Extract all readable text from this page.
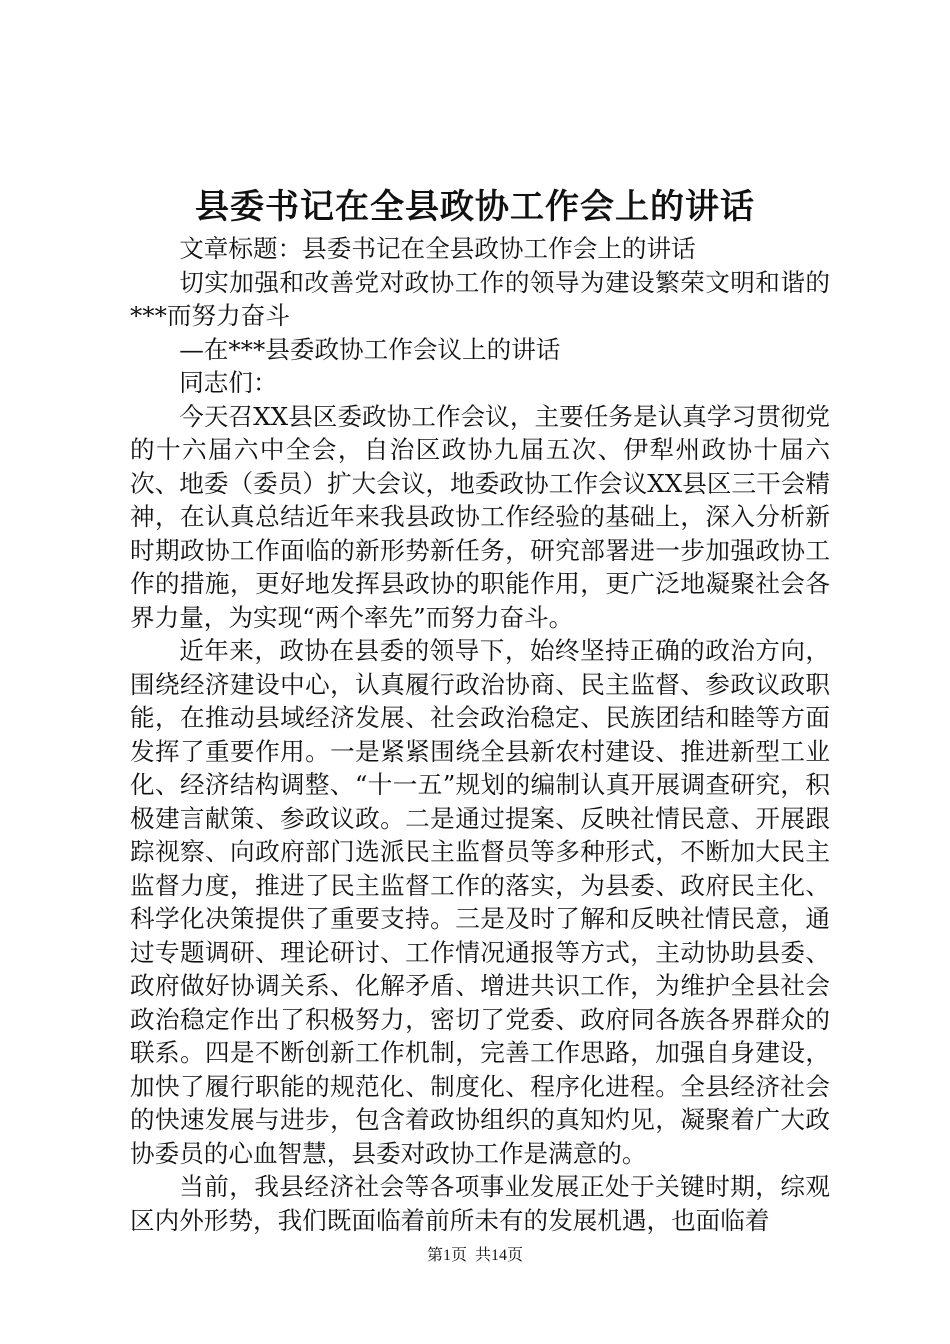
县委书记在全县政协工作会上的讲话

文章标题：县委书记在全县政协工作会上的讲话

切实加强和改善党对政协工作的领导为建设繁荣文明和谐的***而努力奋斗

—在***县委政协工作会议上的讲话

同志们：

今天召XX县区委政协工作会议，主要任务是认真学习贯彻党的十六届六中全会，自治区政协九届五次、伊犁州政协十届六次、地委（委员）扩大会议，地委政协工作会议XX县区三干会精神，在认真总结近年来我县政协工作经验的基础上，深入分析新时期政协工作面临的新形势新任务，研究部署进一步加强政协工作的措施，更好地发挥县政协的职能作用，更广泛地凝聚社会各界力量，为实现“两个率先”而努力奋斗。

近年来，政协在县委的领导下，始终坚持正确的政治方向，围绕经济建设中心，认真履行政治协商、民主监督、参政议政职能，在推动县域经济发展、社会政治稳定、民族团结和睦等方面发挥了重要作用。一是紧紧围绕全县新农村建设、推进新型工业化、经济结构调整、“十一五”规划的编制认真开展调查研究，积极建言献策、参政议政。二是通过提案、反映社情民意、开展跟踪视察、向政府部门选派民主监督员等多种形式，不断加大民主监督力度，推进了民主监督工作的落实，为县委、政府民主化、科学化决策提供了重要支持。三是及时了解和反映社情民意，通过专题调研、理论研讨、工作情况通报等方式，主动协助县委、政府做好协调关系、化解矛盾、增进共识工作，为维护全县社会政治稳定作出了积极努力，密切了党委、政府同各族各界群众的联系。四是不断创新工作机制，完善工作思路，加强自身建设，加快了履行职能的规范化、制度化、程序化进程。全县经济社会的快速发展与进步，包含着政协组织的真知灼见，凝聚着广大政协委员的心血智慧，县委对政协工作是满意的。

当前，我县经济社会等各项事业发展正处于关键时期，综观区内外形势，我们既面临着前所未有的发展机遇，也面临着

第1页 共14页
